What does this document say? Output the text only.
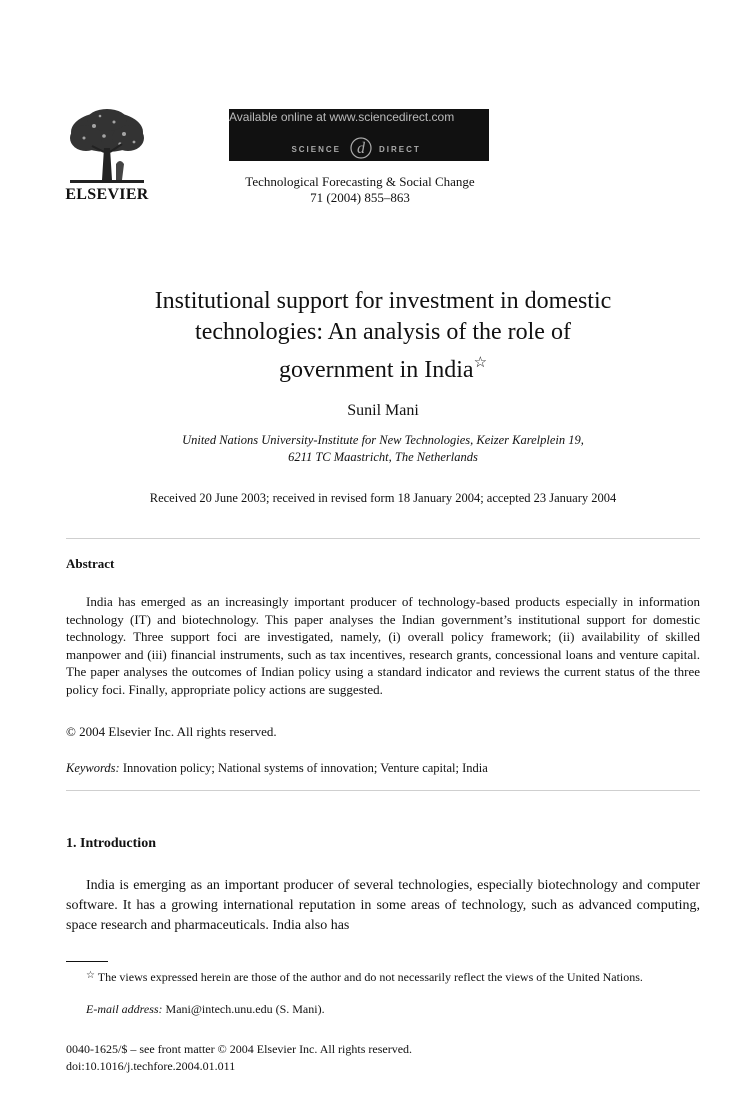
ELSEVIER
Available online at www.sciencedirect.com
SCIENCE d DIRECT
Technological Forecasting & Social Change
71 (2004) 855–863
Institutional support for investment in domestic
technologies: An analysis of the role of
government in India☆
Sunil Mani
United Nations University-Institute for New Technologies, Keizer Karelplein 19,
6211 TC Maastricht, The Netherlands
Received 20 June 2003; received in revised form 18 January 2004; accepted 23 January 2004
Abstract
India has emerged as an increasingly important producer of technology-based products especially in information technology (IT) and biotechnology. This paper analyses the Indian government’s institutional support for domestic technology. Three support foci are investigated, namely, (i) overall policy framework; (ii) availability of skilled manpower and (iii) financial instruments, such as tax incentives, research grants, concessional loans and venture capital. The paper analyses the outcomes of Indian policy using a standard indicator and reviews the current status of the three policy foci. Finally, appropriate policy actions are suggested.
© 2004 Elsevier Inc. All rights reserved.
Keywords: Innovation policy; National systems of innovation; Venture capital; India
1. Introduction
India is emerging as an important producer of several technologies, especially biotechnology and computer software. It has a growing international reputation in some areas of technology, such as advanced computing, space research and pharmaceuticals. India also has
☆ The views expressed herein are those of the author and do not necessarily reflect the views of the United Nations.
E-mail address: Mani@intech.unu.edu (S. Mani).
0040-1625/$ – see front matter © 2004 Elsevier Inc. All rights reserved.
doi:10.1016/j.techfore.2004.01.011
